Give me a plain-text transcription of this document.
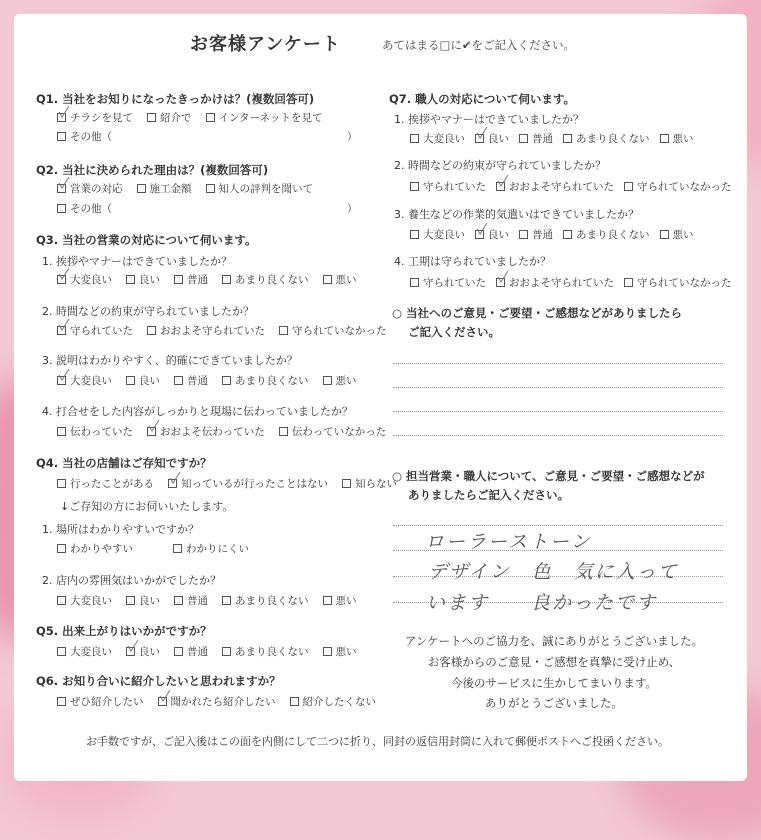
お客様アンケート	あてはまる□に✔をご記入ください。
Q1. 当社をお知りになったきっかけは？(複数回答可)
チラシを見て	紹介で	インターネットを見て
その他（	）
Q2. 当社に決められた理由は？(複数回答可)
営業の対応	施工金額	知人の評判を聞いて
その他（	）
Q3. 当社の営業の対応について伺います。
1. 挨拶やマナーはできていましたか？
大変良い	良い	普通	あまり良くない	悪い
2. 時間などの約束が守られていましたか？
守られていた	おおよそ守られていた	守られていなかった
3. 説明はわかりやすく、的確にできていましたか？
大変良い	良い	普通	あまり良くない	悪い
4. 打合せをした内容がしっかりと現場に伝わっていましたか？
伝わっていた	おおよそ伝わっていた	伝わっていなかった
Q4. 当社の店舗はご存知ですか？
行ったことがある	知っているが行ったことはない	知らない
↓ご存知の方にお伺いいたします。
1. 場所はわかりやすいですか？
わかりやすい	わかりにくい
2. 店内の雰囲気はいかがでしたか？
大変良い	良い	普通	あまり良くない	悪い
Q5. 出来上がりはいかがですか？
大変良い	良い	普通	あまり良くない	悪い
Q6. お知り合いに紹介したいと思われますか？
ぜひ紹介したい	聞かれたら紹介したい	紹介したくない
Q7. 職人の対応について伺います。
1. 挨拶やマナーはできていましたか？
大変良い 良い 普通 あまり良くない 悪い
2. 時間などの約束が守られていましたか？
守られていた おおよそ守られていた 守られていなかった
3. 養生などの作業的気遣いはできていましたか？
大変良い 良い 普通 あまり良くない 悪い
4. 工期は守られていましたか？
守られていた おおよそ守られていた 守られていなかった
○ 当社へのご意見・ご要望・ご感想などがありましたら
ご記入ください。
○ 担当営業・職人について、ご意見・ご要望・ご感想などが
ありましたらご記入ください。
ローラーストーン
デザイン　色　気に入って
います　　良かったです
アンケートへのご協力を、誠にありがとうございました。
お客様からのご意見・ご感想を真摯に受け止め、
今後のサービスに生かしてまいります。
ありがとうございました。
お手数ですが、ご記入後はこの面を内側にして二つに折り、同封の返信用封筒に入れて郵便ポストへご投函ください。
